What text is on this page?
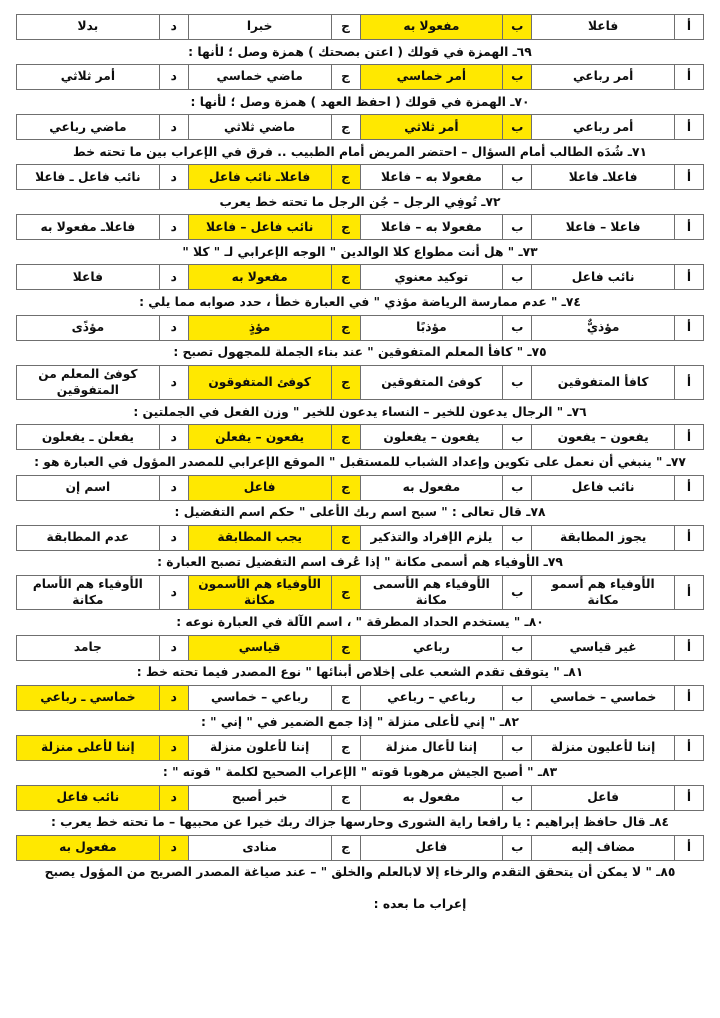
أ	فاعلا	ب	مفعولا به	ج	خبرا	د	بدلا
٦٩ـ الهمزة في قولك ( اعتن بصحتك ) همزة وصل ؛ لأنها :
أ	أمر رباعي	ب	أمر خماسي	ج	ماضي خماسي	د	أمر ثلاثي
٧٠ـ الهمزة في قولك ( احفظ العهد ) همزة وصل ؛ لأنها :
أ	أمر رباعي	ب	أمر ثلاثي	ج	ماضي ثلاثي	د	ماضي رباعي
٧١ـ شُدَه الطالب أمام السؤال – احتضر المريض أمام الطبيب .. فرق في الإعراب بين ما تحته خط
أ	فاعلاـ فاعلا	ب	مفعولا به – فاعلا	ج	فاعلاـ نائب فاعل	د	نائب فاعل ـ فاعلا
٧٢ـ تُوفِي الرجل – جُن الرجل ما تحته خط يعرب
أ	فاعلا – فاعلا	ب	مفعولا به – فاعلا	ج	نائب فاعل – فاعلا	د	فاعلاـ مفعولا به
٧٣ـ " هل أنت مطواع كلا الوالدين " الوجه الإعرابي لـ " كلا "
أ	نائب فاعل	ب	توكيد معنوي	ج	مفعولا به	د	فاعلا
٧٤ـ " عدم ممارسة الرياضة مؤذي " في العبارة خطأ ، حدد صوابه مما يلي :
أ	مؤذيٌّ	ب	مؤذبًا	ج	مؤذٍ	د	مؤذًى
٧٥ـ " كافأ المعلم المتفوقين " عند بناء الجملة للمجهول تصبح :
أ	كافأ المتفوقين	ب	كوفئ المتفوقين	ج	كوفئ المتفوقون	د	كوفئ المعلم من المتفوقين
٧٦ـ " الرجال يدعون للخير – النساء يدعون للخير " وزن الفعل في الجملتين :
أ	يفعون – يفعون	ب	يفعون – يفعلون	ج	يفعون – يفعلن	د	يفعلن ـ يفعلون
٧٧ـ " ينبغي أن نعمل على تكوين وإعداد الشباب للمستقبل " الموقع الإعرابي للمصدر المؤول في العبارة هو :
أ	نائب فاعل	ب	مفعول به	ج	فاعل	د	اسم إن
٧٨ـ قال تعالى : " سبح اسم ربك الأعلى " حكم اسم التفضيل :
أ	يجوز المطابقة	ب	يلزم الإفراد والتذكير	ج	يجب المطابقة	د	عدم المطابقة
٧٩ـ الأوفياء هم أسمى مكانة " إذا عُرف اسم التفضيل تصبح العبارة :
أ	الأوفياء هم أسمو مكانة	ب	الأوفياء هم الأسمى مكانة	ج	الأوفياء هم الأسمون مكانة	د	الأوفياء هم الأسام مكانة
٨٠ـ " يستخدم الحداد المطرقة " ، اسم الآلة في العبارة نوعه :
أ	غير قياسي	ب	رباعي	ج	قياسي	د	جامد
٨١ـ " يتوقف تقدم الشعب على إخلاص أبنائها " نوع المصدر فيما تحته خط :
أ	خماسي – خماسي	ب	رباعي – رباعي	ج	رباعي – خماسي	د	خماسي ـ رباعي
٨٢ـ " إني لأعلى منزلة " إذا جمع الضمير في " إني " :
أ	إننا لأعليون منزلة	ب	إننا لأعال منزلة	ج	إننا لأعلون منزلة	د	إننا لأعلى منزلة
٨٣ـ " أصبح الجيش مرهوبا قوته " الإعراب الصحيح لكلمة " قوته " :
أ	فاعل	ب	مفعول به	ج	خبر أصبح	د	نائب فاعل
٨٤ـ قال حافظ إبراهيم : يا رافعا راية الشورى وحارسها جزاك ربك خيرا عن محبيها – ما تحته خط يعرب :
أ	مضاف إليه	ب	فاعل	ج	منادى	د	مفعول به
٨٥ـ " لا يمكن أن يتحقق التقدم والرخاء إلا لابالعلم والخلق " – عند صياغة المصدر الصريح من المؤول يصبح
إعراب ما بعده :
